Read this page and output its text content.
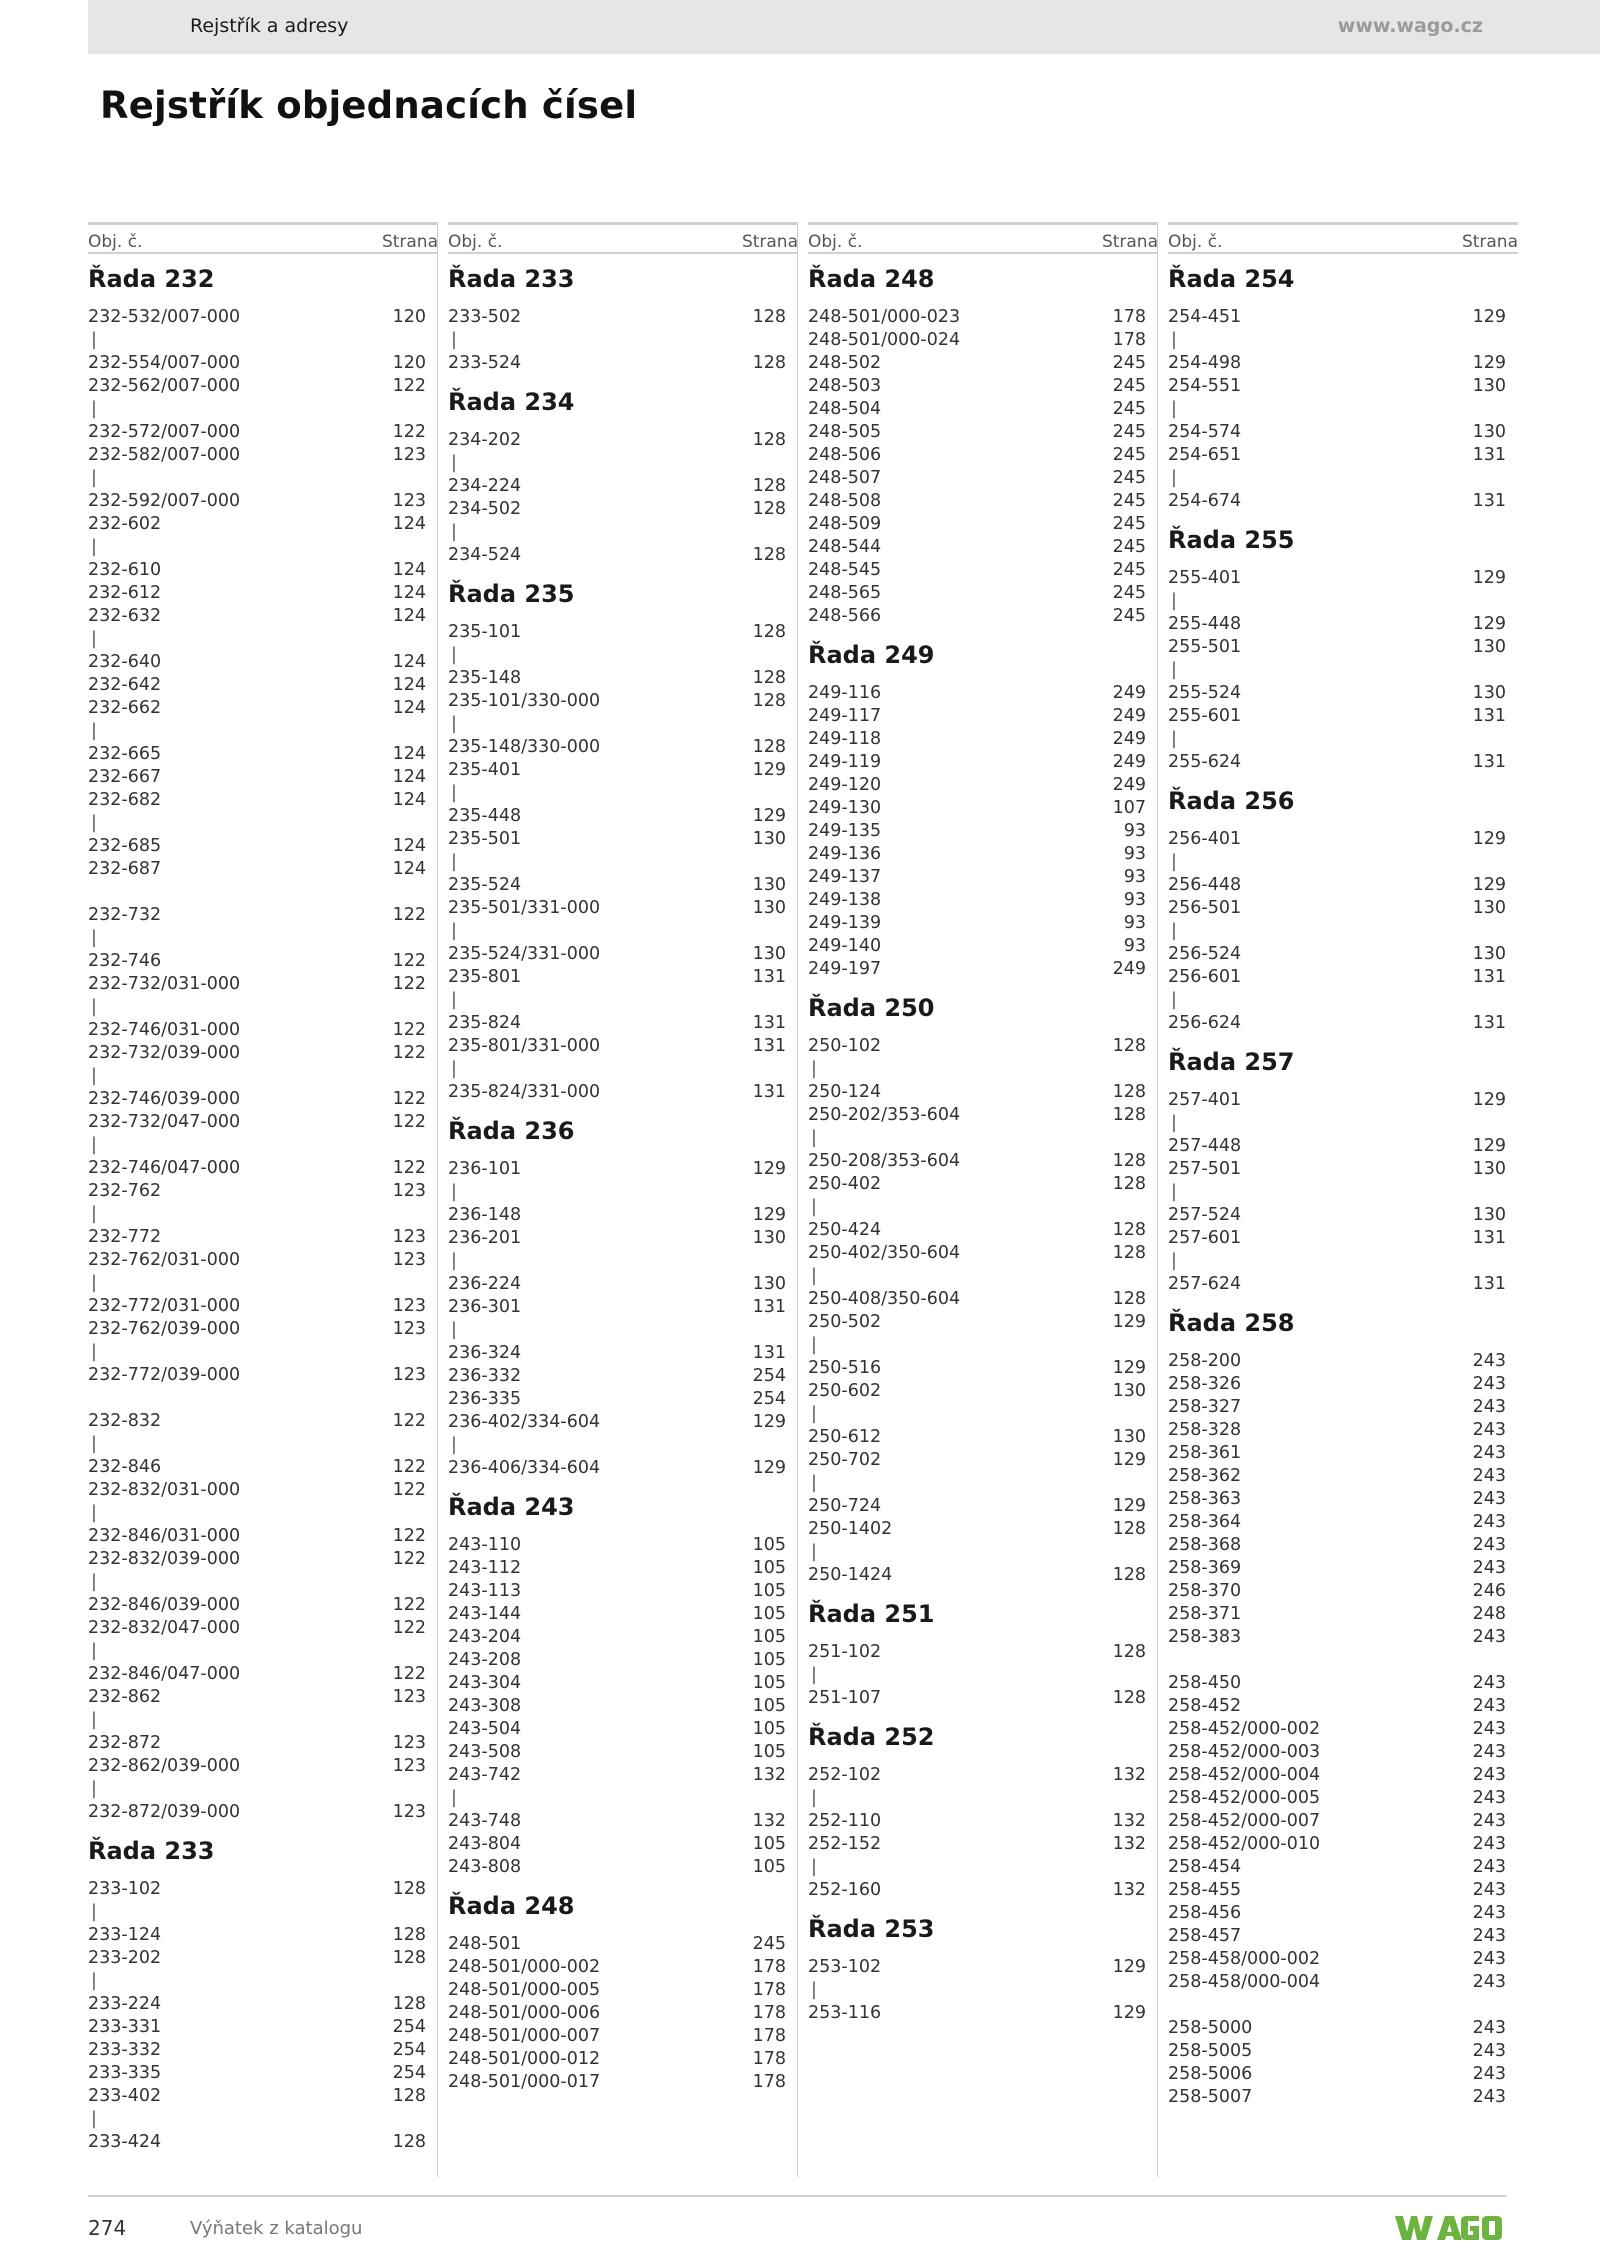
Rejstřík a adresy	www.wago.cz
Rejstřík objednacích čísel
Obj. č.	Strana
Řada 232
232-532/007-000	120
|
232-554/007-000	120
232-562/007-000	122
|
232-572/007-000	122
232-582/007-000	123
|
232-592/007-000	123
232-602	124
|
232-610	124
232-612	124
232-632	124
|
232-640	124
232-642	124
232-662	124
|
232-665	124
232-667	124
232-682	124
|
232-685	124
232-687	124
232-732	122
|
232-746	122
232-732/031-000	122
|
232-746/031-000	122
232-732/039-000	122
|
232-746/039-000	122
232-732/047-000	122
|
232-746/047-000	122
232-762	123
|
232-772	123
232-762/031-000	123
|
232-772/031-000	123
232-762/039-000	123
|
232-772/039-000	123
232-832	122
|
232-846	122
232-832/031-000	122
|
232-846/031-000	122
232-832/039-000	122
|
232-846/039-000	122
232-832/047-000	122
|
232-846/047-000	122
232-862	123
|
232-872	123
232-862/039-000	123
|
232-872/039-000	123
Řada 233
233-102	128
|
233-124	128
233-202	128
|
233-224	128
233-331	254
233-332	254
233-335	254
233-402	128
|
233-424	128
Obj. č.	Strana
Řada 233
233-502	128
|
233-524	128
Řada 234
234-202	128
|
234-224	128
234-502	128
|
234-524	128
Řada 235
235-101	128
|
235-148	128
235-101/330-000	128
|
235-148/330-000	128
235-401	129
|
235-448	129
235-501	130
|
235-524	130
235-501/331-000	130
|
235-524/331-000	130
235-801	131
|
235-824	131
235-801/331-000	131
|
235-824/331-000	131
Řada 236
236-101	129
|
236-148	129
236-201	130
|
236-224	130
236-301	131
|
236-324	131
236-332	254
236-335	254
236-402/334-604	129
|
236-406/334-604	129
Řada 243
243-110	105
243-112	105
243-113	105
243-144	105
243-204	105
243-208	105
243-304	105
243-308	105
243-504	105
243-508	105
243-742	132
|
243-748	132
243-804	105
243-808	105
Řada 248
248-501	245
248-501/000-002	178
248-501/000-005	178
248-501/000-006	178
248-501/000-007	178
248-501/000-012	178
248-501/000-017	178
Obj. č.	Strana
Řada 248
248-501/000-023	178
248-501/000-024	178
248-502	245
248-503	245
248-504	245
248-505	245
248-506	245
248-507	245
248-508	245
248-509	245
248-544	245
248-545	245
248-565	245
248-566	245
Řada 249
249-116	249
249-117	249
249-118	249
249-119	249
249-120	249
249-130	107
249-135	93
249-136	93
249-137	93
249-138	93
249-139	93
249-140	93
249-197	249
Řada 250
250-102	128
|
250-124	128
250-202/353-604	128
|
250-208/353-604	128
250-402	128
|
250-424	128
250-402/350-604	128
|
250-408/350-604	128
250-502	129
|
250-516	129
250-602	130
|
250-612	130
250-702	129
|
250-724	129
250-1402	128
|
250-1424	128
Řada 251
251-102	128
|
251-107	128
Řada 252
252-102	132
|
252-110	132
252-152	132
|
252-160	132
Řada 253
253-102	129
|
253-116	129
Obj. č.	Strana
Řada 254
254-451	129
|
254-498	129
254-551	130
|
254-574	130
254-651	131
|
254-674	131
Řada 255
255-401	129
|
255-448	129
255-501	130
|
255-524	130
255-601	131
|
255-624	131
Řada 256
256-401	129
|
256-448	129
256-501	130
|
256-524	130
256-601	131
|
256-624	131
Řada 257
257-401	129
|
257-448	129
257-501	130
|
257-524	130
257-601	131
|
257-624	131
Řada 258
258-200	243
258-326	243
258-327	243
258-328	243
258-361	243
258-362	243
258-363	243
258-364	243
258-368	243
258-369	243
258-370	246
258-371	248
258-383	243
258-450	243
258-452	243
258-452/000-002	243
258-452/000-003	243
258-452/000-004	243
258-452/000-005	243
258-452/000-007	243
258-452/000-010	243
258-454	243
258-455	243
258-456	243
258-457	243
258-458/000-002	243
258-458/000-004	243
258-5000	243
258-5005	243
258-5006	243
258-5007	243
274	Výňatek z katalogu
